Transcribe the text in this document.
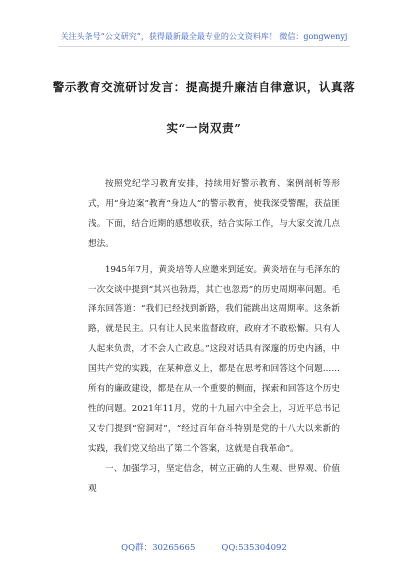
关注头条号“公文研究”，获得最新最全最专业的公文资料库！ 微信：gongwenyj
警示教育交流研讨发言：提高提升廉洁自律意识，认真落
实“一岗双责”

按照党纪学习教育安排，持续用好警示教育、案例剖析等形式，用“身边案”教育“身边人”的警示教育，使我深受警醒，获益匪浅。下面，结合近期的感想收获，结合实际工作，与大家交流几点想法。

1945年7月，黄炎培等人应邀来到延安。黄炎培在与毛泽东的一次交谈中提到“其兴也勃焉，其亡也忽焉”的历史周期率问题。毛泽东回答道：“我们已经找到新路，我们能跳出这周期率。这条新路，就是民主。只有让人民来监督政府，政府才不敢松懈。只有人人起来负责，才不会人亡政息。”这段对话具有深邃的历史内涵，中国共产党的实践，在某种意义上，都是在思考和回答这个问题……所有的廉政建设，都是在从一个重要的侧面，探索和回答这个历史性的问题。2021年11月，党的十九届六中全会上，习近平总书记又专门提到“窑洞对”，“经过百年奋斗特别是党的十八大以来新的实践，我们党又给出了第二个答案，这就是自我革命”。

一、加强学习，坚定信念，树立正确的人生观、世界观、价值观

QQ群：30265665	QQ:535304092
